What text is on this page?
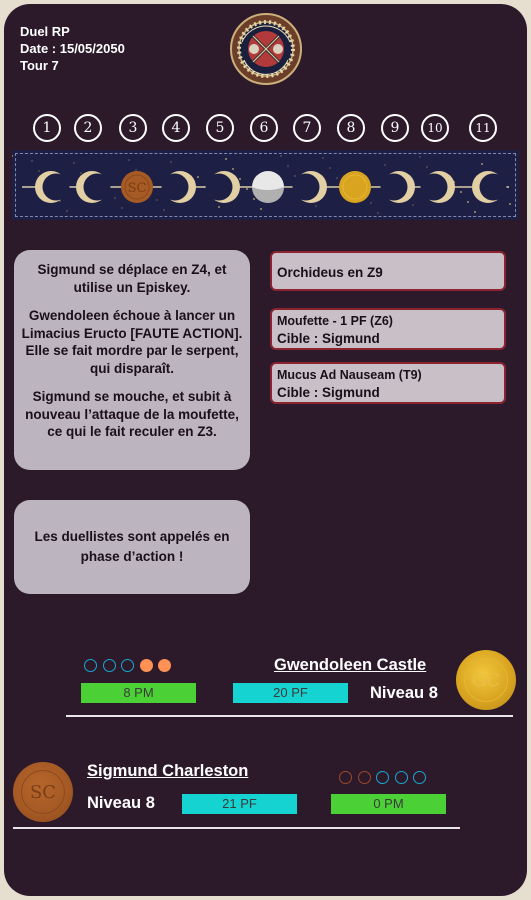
Duel RP
Date : 15/05/2050
Tour 7
1	2	3	4	5	6	7	8	9	10	11
SC

Sigmund se déplace en Z4, et utilise un Episkey.

Gwendoleen échoue à lancer un Limacius Eructo [FAUTE ACTION]. Elle se fait mordre par le serpent, qui disparaît.

Sigmund se mouche, et subit à nouveau l’attaque de la moufette, ce qui le fait reculer en Z3.

Les duellistes sont appelés en phase d’action !
Orchideus en Z9
Moufette - 1 PF (Z6)
Cible : Sigmund
Mucus Ad Nauseam (T9)
Cible : Sigmund
8 PM	20 PF
Gwendoleen Castle
Niveau 8
GC
SC
Sigmund Charleston
Niveau 8	21 PF	0 PM
